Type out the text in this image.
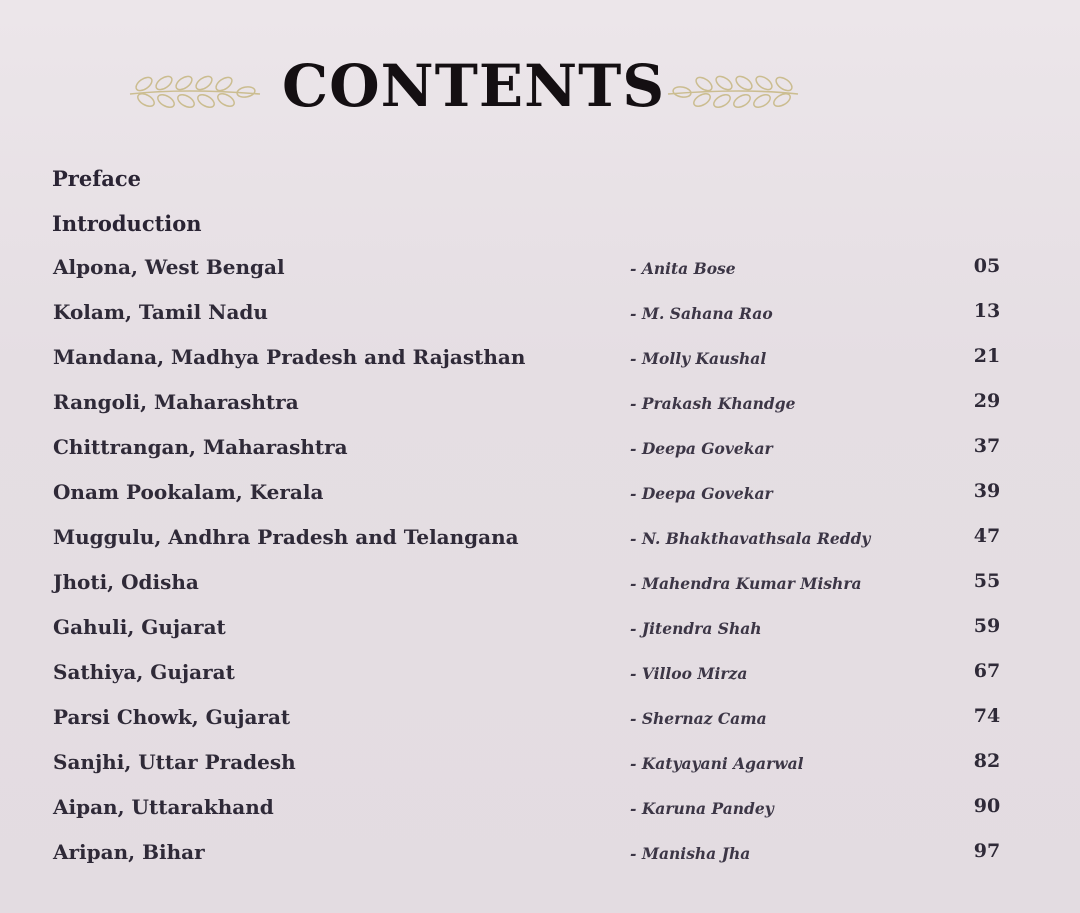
CONTENTS
Preface
Introduction
Alpona, West Bengal	- Anita Bose	05
Kolam, Tamil Nadu	- M. Sahana Rao	13
Mandana, Madhya Pradesh and Rajasthan	- Molly Kaushal	21
Rangoli, Maharashtra	- Prakash Khandge	29
Chittrangan, Maharashtra	- Deepa Govekar	37
Onam Pookalam, Kerala	- Deepa Govekar	39
Muggulu, Andhra Pradesh and Telangana	- N. Bhakthavathsala Reddy	47
Jhoti, Odisha	- Mahendra Kumar Mishra	55
Gahuli, Gujarat	- Jitendra Shah	59
Sathiya, Gujarat	- Villoo Mirza	67
Parsi Chowk, Gujarat	- Shernaz Cama	74
Sanjhi, Uttar Pradesh	- Katyayani Agarwal	82
Aipan, Uttarakhand	- Karuna Pandey	90
Aripan, Bihar	- Manisha Jha	97
